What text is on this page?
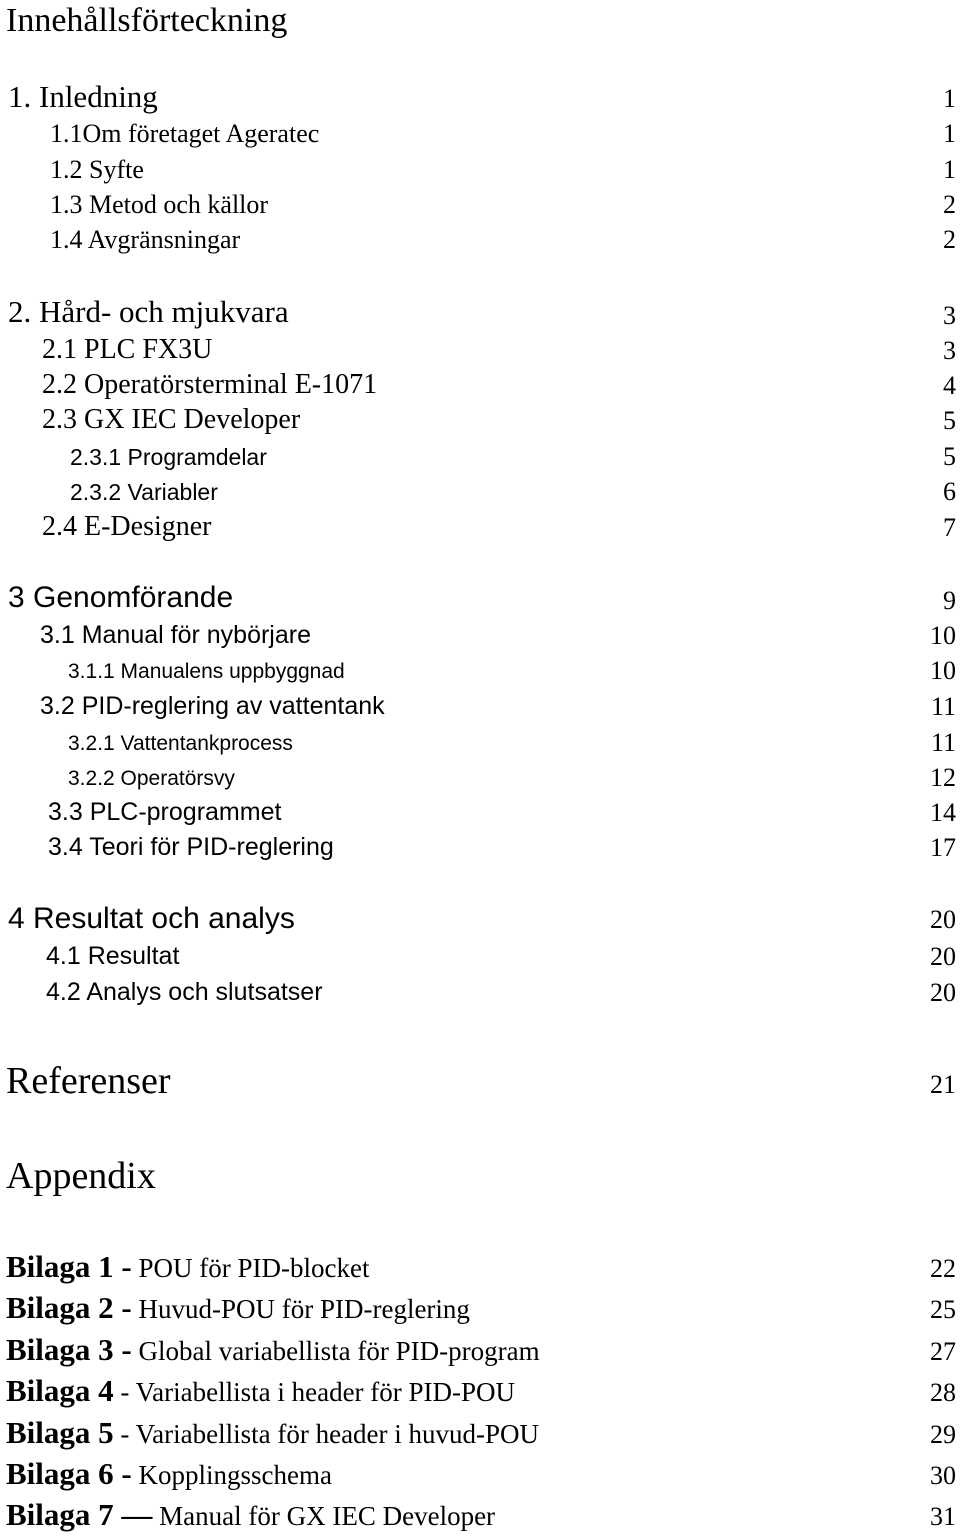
Innehållsförteckning
1. Inledning	1
1.1Om företaget Ageratec	1
1.2 Syfte	1
1.3 Metod och källor	2
1.4 Avgränsningar	2
2. Hård- och mjukvara	3
2.1 PLC FX3U	3
2.2 Operatörsterminal E-1071	4
2.3 GX IEC Developer	5
2.3.1 Programdelar	5
2.3.2 Variabler	6
2.4 E-Designer	7
3 Genomförande	9
3.1 Manual för nybörjare	10
3.1.1 Manualens uppbyggnad	10
3.2 PID-reglering av vattentank	11
3.2.1 Vattentankprocess	11
3.2.2 Operatörsvy	12
3.3 PLC-programmet	14
3.4 Teori för PID-reglering	17
4 Resultat och analys	20
4.1 Resultat	20
4.2 Analys och slutsatser	20
Referenser	21
Appendix
Bilaga 1 - POU för PID-blocket	22
Bilaga 2 - Huvud-POU för PID-reglering	25
Bilaga 3 - Global variabellista för PID-program	27
Bilaga 4 - Variabellista i header för PID-POU	28
Bilaga 5 - Variabellista för header i huvud-POU	29
Bilaga 6 - Kopplingsschema	30
Bilaga 7 — Manual för GX IEC Developer	31
